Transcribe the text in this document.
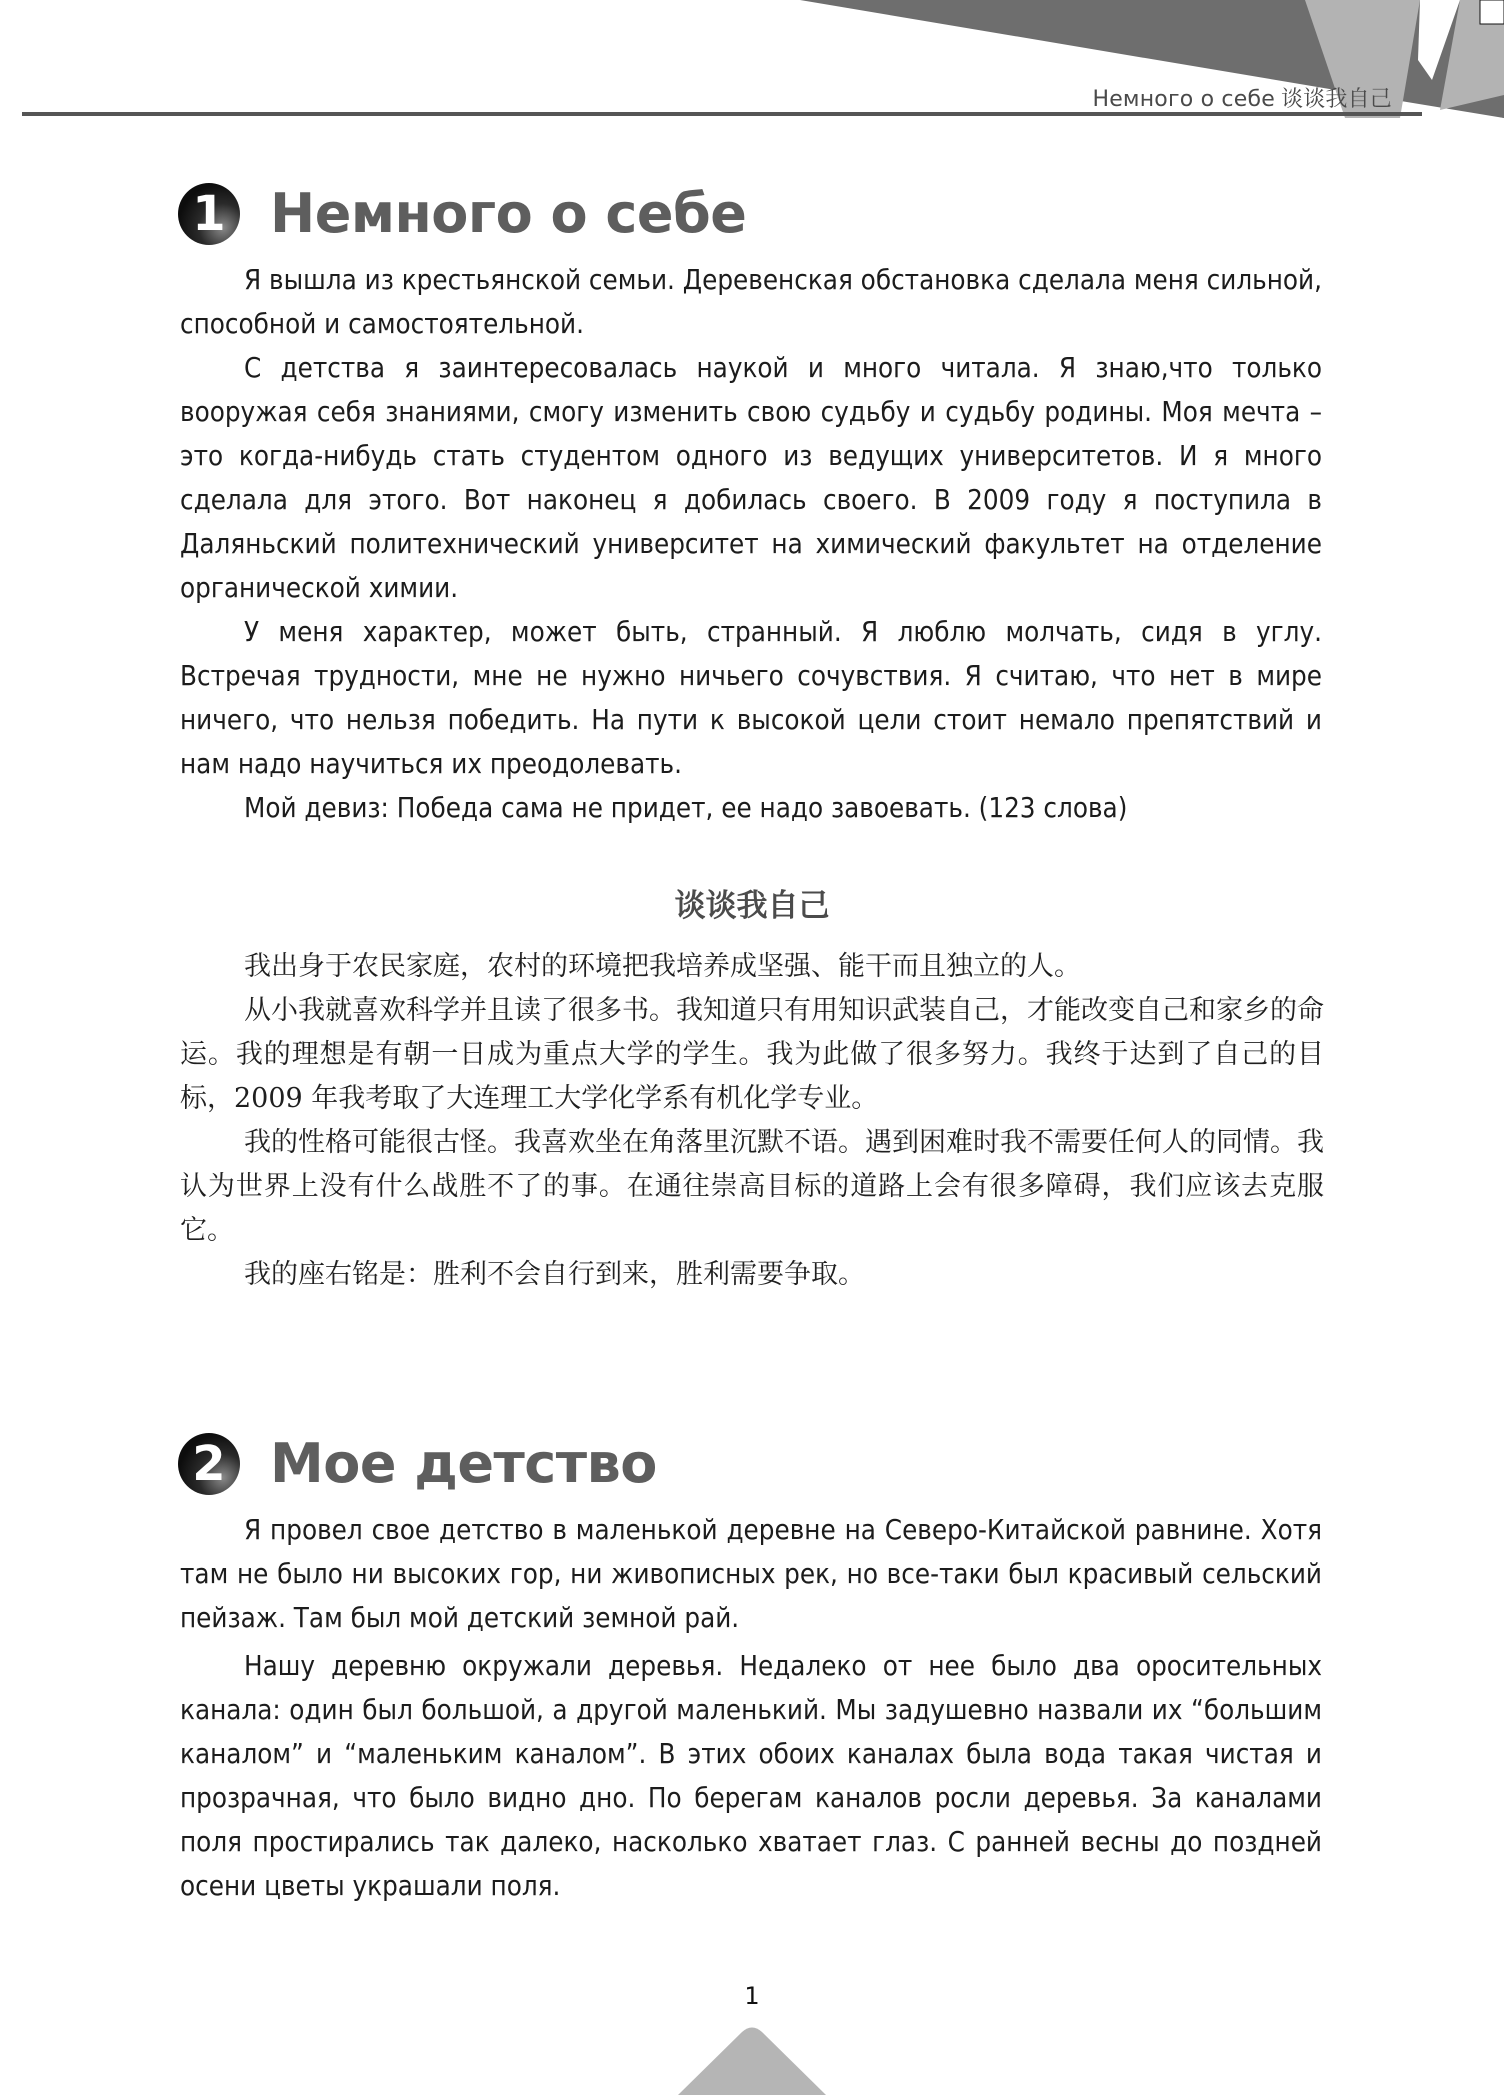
Немного о себе 谈谈我自己
1 Немного о себе

Я вышла из крестьянской семьи. Деревенская обстановка сделала меня сильной, способной и самостоятельной.

С детства я заинтересовалась наукой и много читала. Я знаю,что только вооружая себя знаниями, смогу изменить свою судьбу и судьбу родины. Моя мечта – это когда-нибудь стать студентом одного из ведущих университетов. И я много сделала для этого. Вот наконец я добилась своего. В 2009 году я поступила в Даляньский политехнический университет на химический факультет на отделение органической химии.

У меня характер, может быть, странный. Я люблю молчать, сидя в углу. Встречая трудности, мне не нужно ничьего сочувствия. Я считаю, что нет в мире ничего, что нельзя победить. На пути к высокой цели стоит немало препятствий и нам надо научиться их преодолевать.

Мой девиз: Победа сама не придет, ее надо завоевать. (123 слова)

谈谈我自己

我出身于农民家庭，农村的环境把我培养成坚强、能干而且独立的人。

从小我就喜欢科学并且读了很多书。我知道只有用知识武装自己，才能改变自己和家乡的命运。我的理想是有朝一日成为重点大学的学生。我为此做了很多努力。我终于达到了自己的目标，2009 年我考取了大连理工大学化学系有机化学专业。

我的性格可能很古怪。我喜欢坐在角落里沉默不语。遇到困难时我不需要任何人的同情。我认为世界上没有什么战胜不了的事。在通往崇高目标的道路上会有很多障碍，我们应该去克服它。

我的座右铭是：胜利不会自行到来，胜利需要争取。

2 Мое детство

Я провел свое детство в маленькой деревне на Северо-Китайской равнине. Хотя там не было ни высоких гор, ни живописных рек, но все-таки был красивый сельский пейзаж. Там был мой детский земной рай.

Нашу деревню окружали деревья. Недалеко от нее было два оросительных канала: один был большой, а другой маленький. Мы задушевно назвали их “большим каналом” и “маленьким каналом”. В этих обоих каналах была вода такая чистая и прозрачная, что было видно дно. По берегам каналов росли деревья. За каналами поля простирались так далеко, насколько хватает глаз. С ранней весны до поздней осени цветы украшали поля.

1
